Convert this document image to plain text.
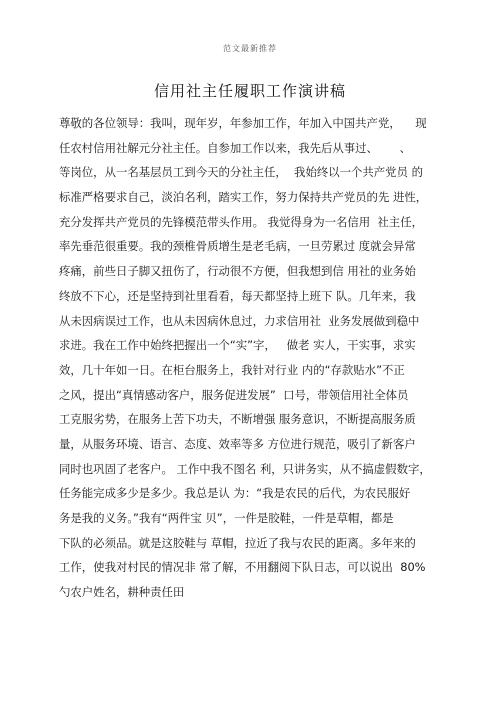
范文最新推荐
信用社主任履职工作演讲稿
尊敬的各位领导：我叫，现年岁，年参加工作，年加入中国共产党，    现
任农村信用社解元分社主任。自参加工作以来，我先后从事过、      、
等岗位，从一名基层员工到今天的分社主任，  我始终以一个共产党员 的
标准严格要求自己，淡泊名利，踏实工作，努力保持共产党员的先 进性，
充分发挥共产党员的先锋模范带头作用。 我觉得身为一名信用  社主任，
率先垂范很重要。我的颈椎骨质增生是老毛病，一旦劳累过 度就会异常
疼痛，前些日子脚又扭伤了，行动很不方便，但我想到信 用社的业务始
终放不下心，还是坚持到社里看看，每天都坚持上班下 队。几年来，我
从未因病误过工作，也从未因病休息过，力求信用社  业务发展做到稳中
求进。我在工作中始终把握出一个“实”字，   做老 实人，干实事，求实
效，几十年如一日。在柜台服务上，我针对行业 内的“存款贴水”不正
之风，提出“真情感动客户，服务促进发展”  口号，带领信用社全体员
工克服劣势，在服务上苦下功夫，不断增强 服务意识，不断提高服务质
量，从服务环境、语言、态度、效率等多 方位进行规范，吸引了新客户
同时也巩固了老客户。 工作中我不图名 利，只讲务实，从不搞虚假数字，
任务能完成多少是多少。我总是认 为：“我是农民的后代，为农民服好
务是我的义务。”我有“两件宝 贝”，一件是胶鞋，一件是草帽，都是
下队的必须品。就是这胶鞋与 草帽，拉近了我与农民的距离。多年来的
工作，使我对村民的情况非 常了解，不用翻阅下队日志，可以说出  80%
勺农户姓名，耕种责任田
